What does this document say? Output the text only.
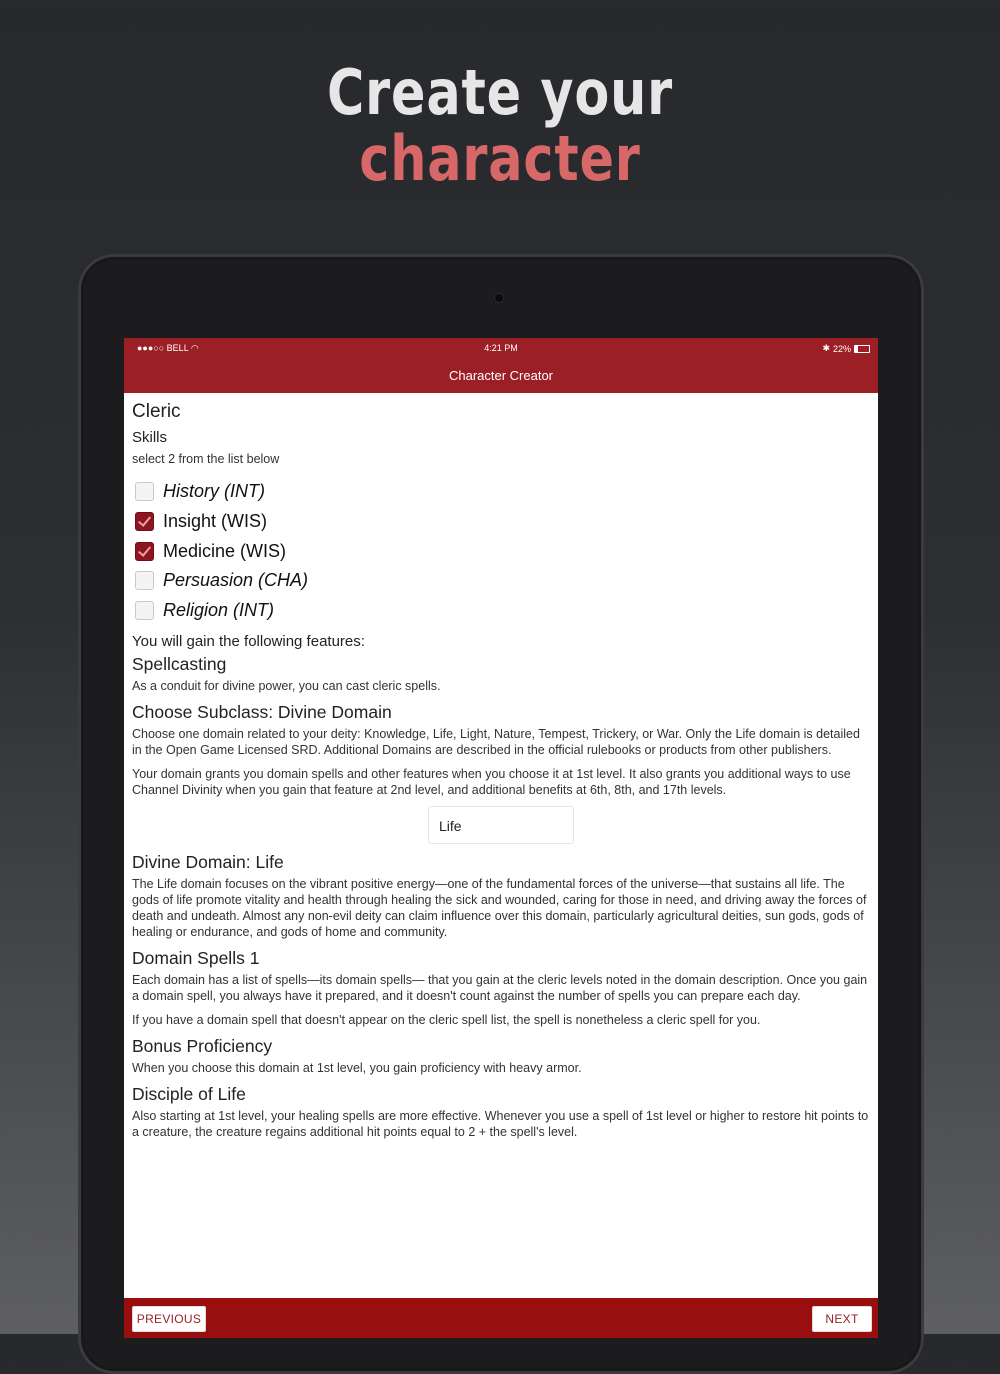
Create your
character
●●●○○ BELL ◠	4:21 PM	✱ 22%
Character Creator
Cleric
Skills

select 2 from the list below

History (INT)
Insight (WIS)
Medicine (WIS)
Persuasion (CHA)
Religion (INT)
You will gain the following features:
Spellcasting

As a conduit for divine power, you can cast cleric spells.

Choose Subclass: Divine Domain

Choose one domain related to your deity: Knowledge, Life, Light, Nature, Tempest, Trickery, or War. Only the Life domain is detailed in the Open Game Licensed SRD. Additional Domains are described in the official rulebooks or products from other publishers.

Your domain grants you domain spells and other features when you choose it at 1st level. It also grants you additional ways to use Channel Divinity when you gain that feature at 2nd level, and additional benefits at 6th, 8th, and 17th levels.

Life
Divine Domain: Life

The Life domain focuses on the vibrant positive energy—one of the fundamental forces of the universe—that sustains all life. The gods of life promote vitality and health through healing the sick and wounded, caring for those in need, and driving away the forces of death and undeath. Almost any non-evil deity can claim influence over this domain, particularly agricultural deities, sun gods, gods of healing or endurance, and gods of home and community.

Domain Spells 1

Each domain has a list of spells—its domain spells— that you gain at the cleric levels noted in the domain description. Once you gain a domain spell, you always have it prepared, and it doesn't count against the number of spells you can prepare each day.

If you have a domain spell that doesn't appear on the cleric spell list, the spell is nonetheless a cleric spell for you.

Bonus Proficiency

When you choose this domain at 1st level, you gain proficiency with heavy armor.

Disciple of Life

Also starting at 1st level, your healing spells are more effective. Whenever you use a spell of 1st level or higher to restore hit points to a creature, the creature regains additional hit points equal to 2 + the spell's level.

PREVIOUS	NEXT
